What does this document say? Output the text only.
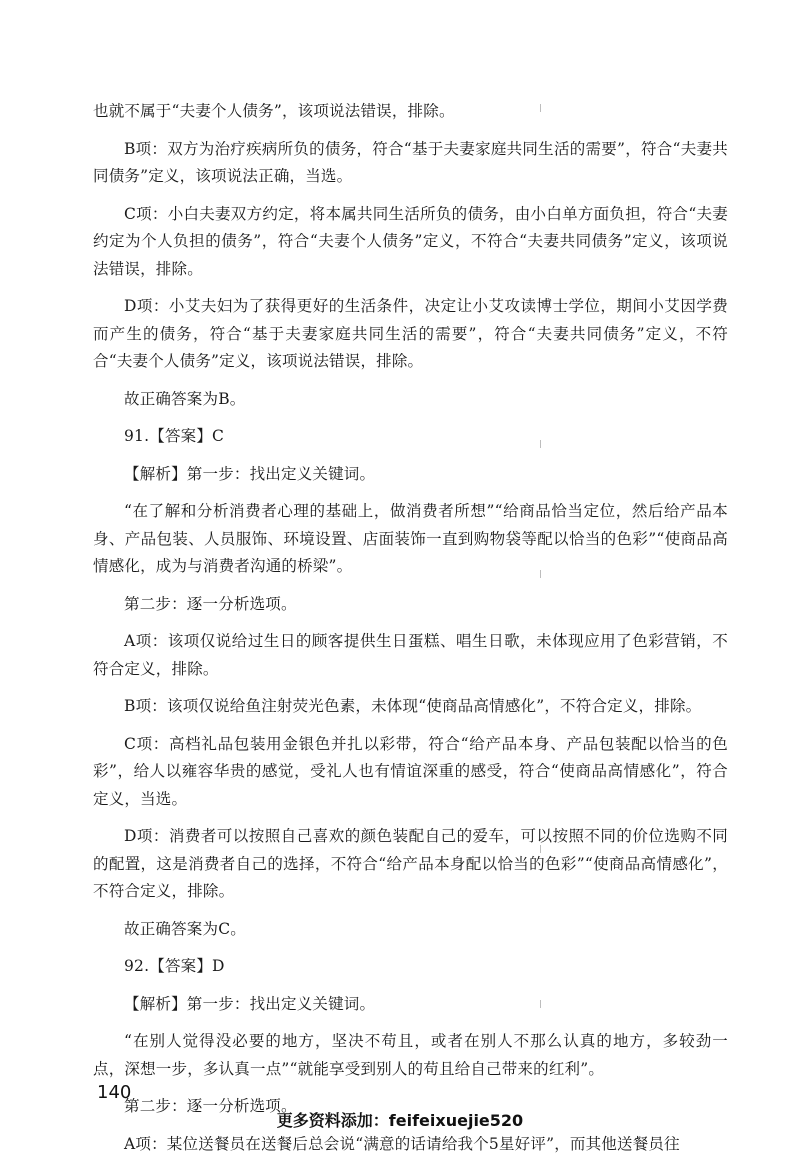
也就不属于“夫妻个人债务”，该项说法错误，排除。

B项：双方为治疗疾病所负的债务，符合“基于夫妻家庭共同生活的需要”，符合“夫妻共同债务”定义，该项说法正确，当选。

C项：小白夫妻双方约定，将本属共同生活所负的债务，由小白单方面负担，符合“夫妻约定为个人负担的债务”，符合“夫妻个人债务”定义，不符合“夫妻共同债务”定义，该项说法错误，排除。

D项：小艾夫妇为了获得更好的生活条件，决定让小艾攻读博士学位，期间小艾因学费而产生的债务，符合“基于夫妻家庭共同生活的需要”，符合“夫妻共同债务”定义，不符合“夫妻个人债务”定义，该项说法错误，排除。

故正确答案为B。

91.【答案】C

【解析】第一步：找出定义关键词。

“在了解和分析消费者心理的基础上，做消费者所想”“给商品恰当定位，然后给产品本身、产品包装、人员服饰、环境设置、店面装饰一直到购物袋等配以恰当的色彩”“使商品高情感化，成为与消费者沟通的桥梁”。

第二步：逐一分析选项。

A项：该项仅说给过生日的顾客提供生日蛋糕、唱生日歌，未体现应用了色彩营销，不符合定义，排除。

B项：该项仅说给鱼注射荧光色素，未体现“使商品高情感化”，不符合定义，排除。

C项：高档礼品包装用金银色并扎以彩带，符合“给产品本身、产品包装配以恰当的色彩”，给人以雍容华贵的感觉，受礼人也有情谊深重的感受，符合“使商品高情感化”，符合定义，当选。

D项：消费者可以按照自己喜欢的颜色装配自己的爱车，可以按照不同的价位选购不同的配置，这是消费者自己的选择，不符合“给产品本身配以恰当的色彩”“使商品高情感化”，不符合定义，排除。

故正确答案为C。

92.【答案】D

【解析】第一步：找出定义关键词。

“在别人觉得没必要的地方，坚决不苟且，或者在别人不那么认真的地方，多较劲一点，深想一步，多认真一点”“就能享受到别人的苟且给自己带来的红利”。

第二步：逐一分析选项。

A项：某位送餐员在送餐后总会说“满意的话请给我个5星好评”，而其他送餐员往

140
更多资料添加：feifeixuejie520
